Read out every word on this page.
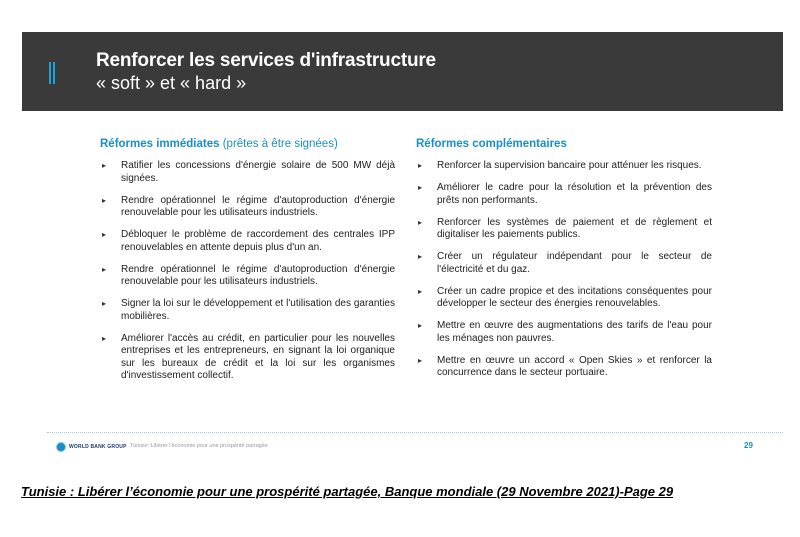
Renforcer les services d'infrastructure
« soft » et « hard »
Réformes immédiates (prêtes à être signées)
▸ Ratifier les concessions d'énergie solaire de 500 MW déjà signées.
▸ Rendre opérationnel le régime d'autoproduction d'énergie renouvelable pour les utilisateurs industriels.
▸ Débloquer le problème de raccordement des centrales IPP renouvelables en attente depuis plus d'un an.
▸ Rendre opérationnel le régime d'autoproduction d'énergie renouvelable pour les utilisateurs industriels.
▸ Signer la loi sur le développement et l'utilisation des garanties mobilières.
▸ Améliorer l'accès au crédit, en particulier pour les nouvelles entreprises et les entrepreneurs, en signant la loi organique sur les bureaux de crédit et la loi sur les organismes d'investissement collectif.
Réformes complémentaires
▸ Renforcer la supervision bancaire pour atténuer les risques.
▸ Améliorer le cadre pour la résolution et la prévention des prêts non performants.
▸ Renforcer les systèmes de paiement et de règlement et digitaliser les paiements publics.
▸ Créer un régulateur indépendant pour le secteur de l'électricité et du gaz.
▸ Créer un cadre propice et des incitations conséquentes pour développer le secteur des énergies renouvelables.
▸ Mettre en œuvre des augmentations des tarifs de l'eau pour les ménages non pauvres.
▸ Mettre en œuvre un accord « Open Skies » et renforcer la concurrence dans le secteur portuaire.
WORLD BANK GROUP Tunisie: Libérer l'économie pour une prospérité partagée	29
Tunisie : Libérer l’économie pour une prospérité partagée, Banque mondiale (29 Novembre 2021)-Page 29
